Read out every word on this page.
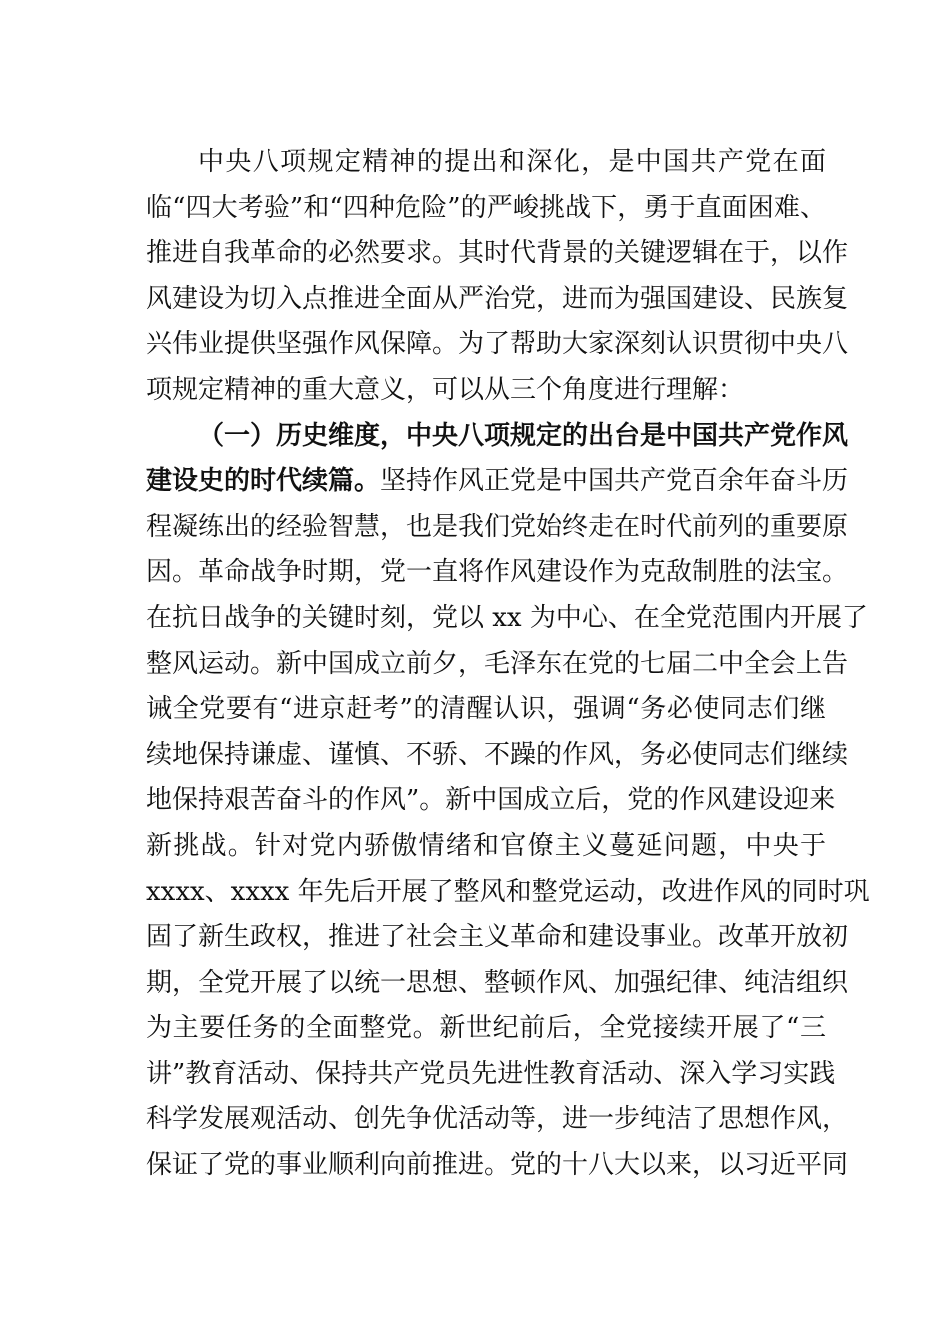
中央八项规定精神的提出和深化，是中国共产党在面
临“四大考验”和“四种危险”的严峻挑战下，勇于直面困难、
推进自我革命的必然要求。其时代背景的关键逻辑在于，以作
风建设为切入点推进全面从严治党，进而为强国建设、民族复
兴伟业提供坚强作风保障。为了帮助大家深刻认识贯彻中央八
项规定精神的重大意义，可以从三个角度进行理解：
（一）历史维度，中央八项规定的出台是中国共产党作风
建设史的时代续篇。坚持作风正党是中国共产党百余年奋斗历
程凝练出的经验智慧，也是我们党始终走在时代前列的重要原
因。革命战争时期，党一直将作风建设作为克敌制胜的法宝。
在抗日战争的关键时刻，党以 xx 为中心、在全党范围内开展了
整风运动。新中国成立前夕，毛泽东在党的七届二中全会上告
诫全党要有“进京赶考”的清醒认识，强调“务必使同志们继
续地保持谦虚、谨慎、不骄、不躁的作风，务必使同志们继续
地保持艰苦奋斗的作风”。新中国成立后，党的作风建设迎来
新挑战。针对党内骄傲情绪和官僚主义蔓延问题，中央于
xxxx、xxxx 年先后开展了整风和整党运动，改进作风的同时巩
固了新生政权，推进了社会主义革命和建设事业。改革开放初
期，全党开展了以统一思想、整顿作风、加强纪律、纯洁组织
为主要任务的全面整党。新世纪前后，全党接续开展了“三
讲”教育活动、保持共产党员先进性教育活动、深入学习实践
科学发展观活动、创先争优活动等，进一步纯洁了思想作风，
保证了党的事业顺利向前推进。党的十八大以来，以习近平同
